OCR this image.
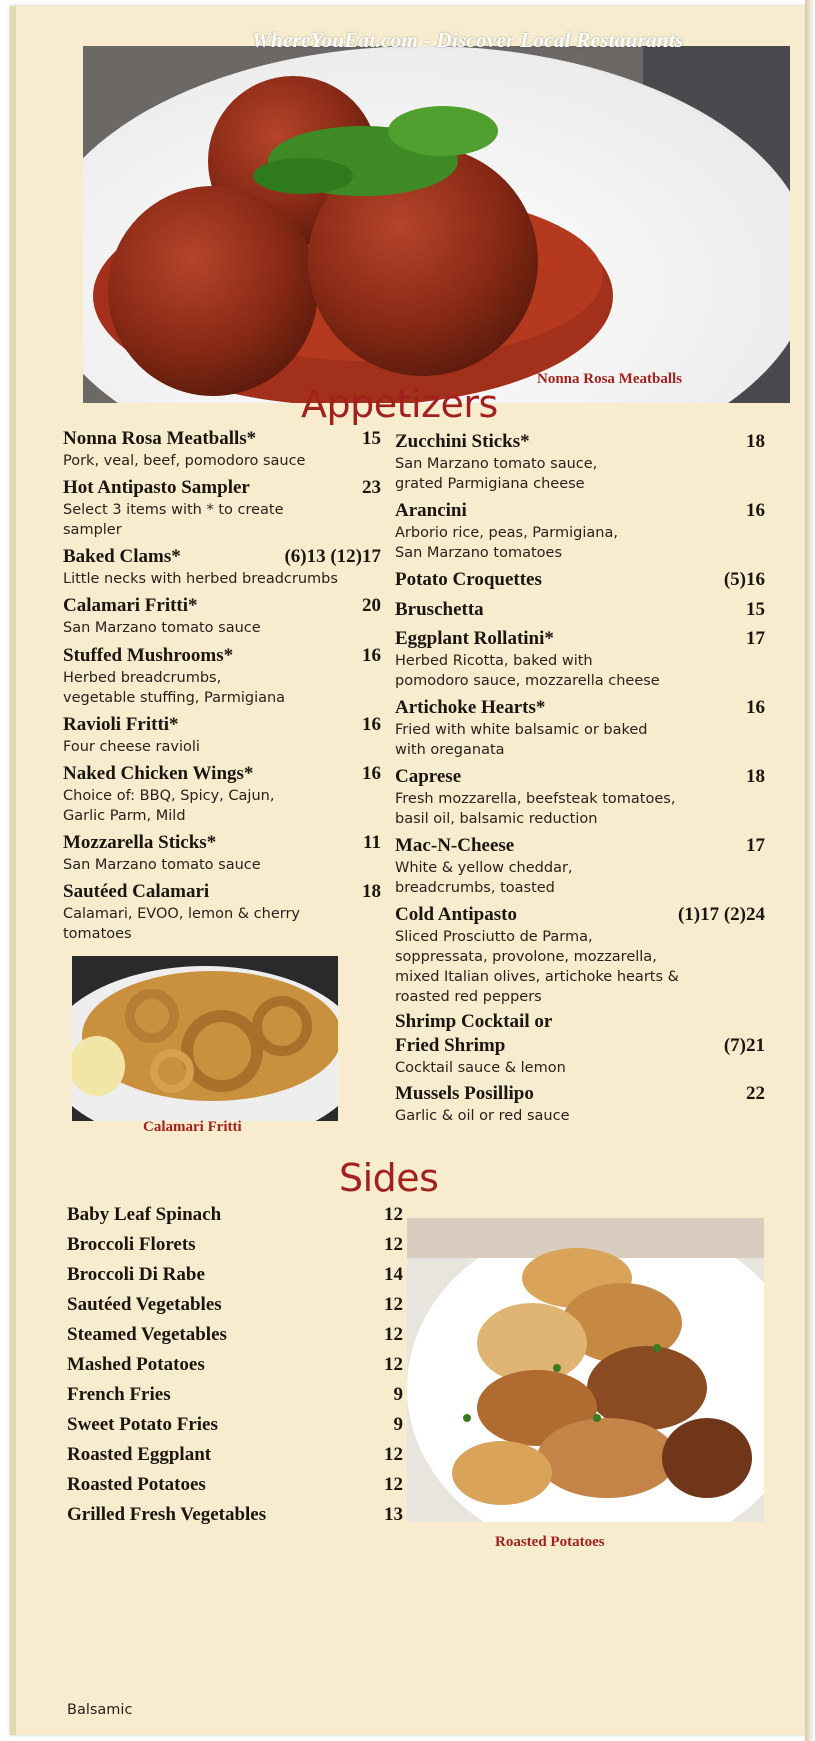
Nonna Rosa Meatballs
WhereYouEat.com - Discover Local Restaurants
Appetizers
Nonna Rosa Meatballs*	15
Pork, veal, beef, pomodoro sauce
Hot Antipasto Sampler	23
Select 3 items with * to create
sampler
Baked Clams*	(6)13 (12)17
Little necks with herbed breadcrumbs
Calamari Fritti*	20
San Marzano tomato sauce
Stuffed Mushrooms*	16
Herbed breadcrumbs,
vegetable stuffing, Parmigiana
Ravioli Fritti*	16
Four cheese ravioli
Naked Chicken Wings*	16
Choice of: BBQ, Spicy, Cajun,
Garlic Parm, Mild
Mozzarella Sticks*	11
San Marzano tomato sauce
Sautéed Calamari	18
Calamari, EVOO, lemon & cherry
tomatoes
Zucchini Sticks*	18
San Marzano tomato sauce,
grated Parmigiana cheese
Arancini	16
Arborio rice, peas, Parmigiana,
San Marzano tomatoes
Potato Croquettes	(5)16
Bruschetta	15
Eggplant Rollatini*	17
Herbed Ricotta, baked with
pomodoro sauce, mozzarella cheese
Artichoke Hearts*	16
Fried with white balsamic or baked
with oreganata
Caprese	18
Fresh mozzarella, beefsteak tomatoes,
basil oil, balsamic reduction
Mac-N-Cheese	17
White & yellow cheddar,
breadcrumbs, toasted
Cold Antipasto	(1)17 (2)24
Sliced Prosciutto de Parma,
soppressata, provolone, mozzarella,
mixed Italian olives, artichoke hearts &
roasted red peppers
Shrimp Cocktail or Fried Shrimp	(7)21
Cocktail sauce & lemon
Mussels Posillipo	22
Garlic & oil or red sauce
Calamari Fritti
Sides
Baby Leaf Spinach	12
Broccoli Florets	12
Broccoli Di Rabe	14
Sautéed Vegetables	12
Steamed Vegetables	12
Mashed Potatoes	12
French Fries	9
Sweet Potato Fries	9
Roasted Eggplant	12
Roasted Potatoes	12
Grilled Fresh Vegetables	13
Balsamic
Roasted Potatoes
